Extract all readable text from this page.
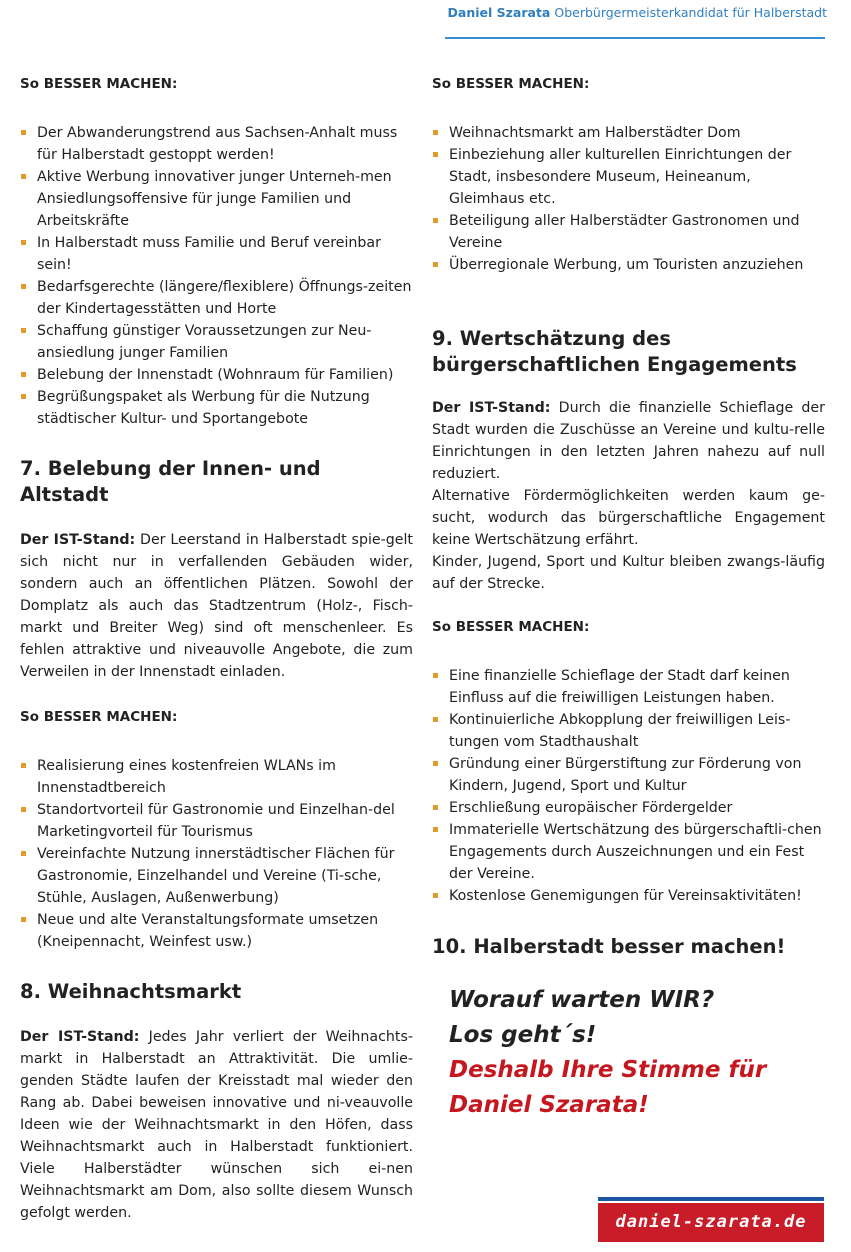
Daniel Szarata Oberbürgermeisterkandidat für Halberstadt
So BESSER MACHEN:
Der Abwanderungstrend aus Sachsen-Anhalt muss für Halberstadt gestoppt werden!
Aktive Werbung innovativer junger Unterneh-men Ansiedlungsoffensive für junge Familien und Arbeitskräfte
In Halberstadt muss Familie und Beruf vereinbar sein!
Bedarfsgerechte (längere/flexiblere) Öffnungs-zeiten der Kindertagesstätten und Horte
Schaffung günstiger Voraussetzungen zur Neu-ansiedlung junger Familien
Belebung der Innenstadt (Wohnraum für Familien)
Begrüßungspaket als Werbung für die Nutzung städtischer Kultur- und Sportangebote
7. Belebung der Innen- und Altstadt

Der IST-Stand: Der Leerstand in Halberstadt spie-gelt sich nicht nur in verfallenden Gebäuden wider, sondern auch an öffentlichen Plätzen. Sowohl der Domplatz als auch das Stadtzentrum (Holz-, Fisch-markt und Breiter Weg) sind oft menschenleer. Es fehlen attraktive und niveauvolle Angebote, die zum Verweilen in der Innenstadt einladen.

So BESSER MACHEN:
Realisierung eines kostenfreien WLANs im Innenstadtbereich
Standortvorteil für Gastronomie und Einzelhan-del Marketingvorteil für Tourismus
Vereinfachte Nutzung innerstädtischer Flächen für Gastronomie, Einzelhandel und Vereine (Ti-sche, Stühle, Auslagen, Außenwerbung)
Neue und alte Veranstaltungsformate umsetzen (Kneipennacht, Weinfest usw.)
8. Weihnachtsmarkt

Der IST-Stand: Jedes Jahr verliert der Weihnachts-markt in Halberstadt an Attraktivität. Die umlie-genden Städte laufen der Kreisstadt mal wieder den Rang ab. Dabei beweisen innovative und ni-veauvolle Ideen wie der Weihnachtsmarkt in den Höfen, dass Weihnachtsmarkt auch in Halberstadt funktioniert. Viele Halberstädter wünschen sich ei-nen Weihnachtsmarkt am Dom, also sollte diesem Wunsch gefolgt werden.

So BESSER MACHEN:
Weihnachtsmarkt am Halberstädter Dom
Einbeziehung aller kulturellen Einrichtungen der Stadt, insbesondere Museum, Heineanum, Gleimhaus etc.
Beteiligung aller Halberstädter Gastronomen und Vereine
Überregionale Werbung, um Touristen anzuziehen
9. Wertschätzung des
bürgerschaftlichen Engagements

Der IST-Stand: Durch die finanzielle Schieflage der Stadt wurden die Zuschüsse an Vereine und kultu-relle Einrichtungen in den letzten Jahren nahezu auf null reduziert.

Alternative Fördermöglichkeiten werden kaum ge-sucht, wodurch das bürgerschaftliche Engagement keine Wertschätzung erfährt.

Kinder, Jugend, Sport und Kultur bleiben zwangs-läufig auf der Strecke.

So BESSER MACHEN:
Eine finanzielle Schieflage der Stadt darf keinen Einfluss auf die freiwilligen Leistungen haben.
Kontinuierliche Abkopplung der freiwilligen Leis-tungen vom Stadthaushalt
Gründung einer Bürgerstiftung zur Förderung von Kindern, Jugend, Sport und Kultur
Erschließung europäischer Fördergelder
Immaterielle Wertschätzung des bürgerschaftli-chen Engagements durch Auszeichnungen und ein Fest der Vereine.
Kostenlose Genemigungen für Vereinsaktivitäten!
10. Halberstadt besser machen!
Worauf warten WIR?
Los geht´s!
Deshalb Ihre Stimme für
Daniel Szarata!
daniel-szarata.de
